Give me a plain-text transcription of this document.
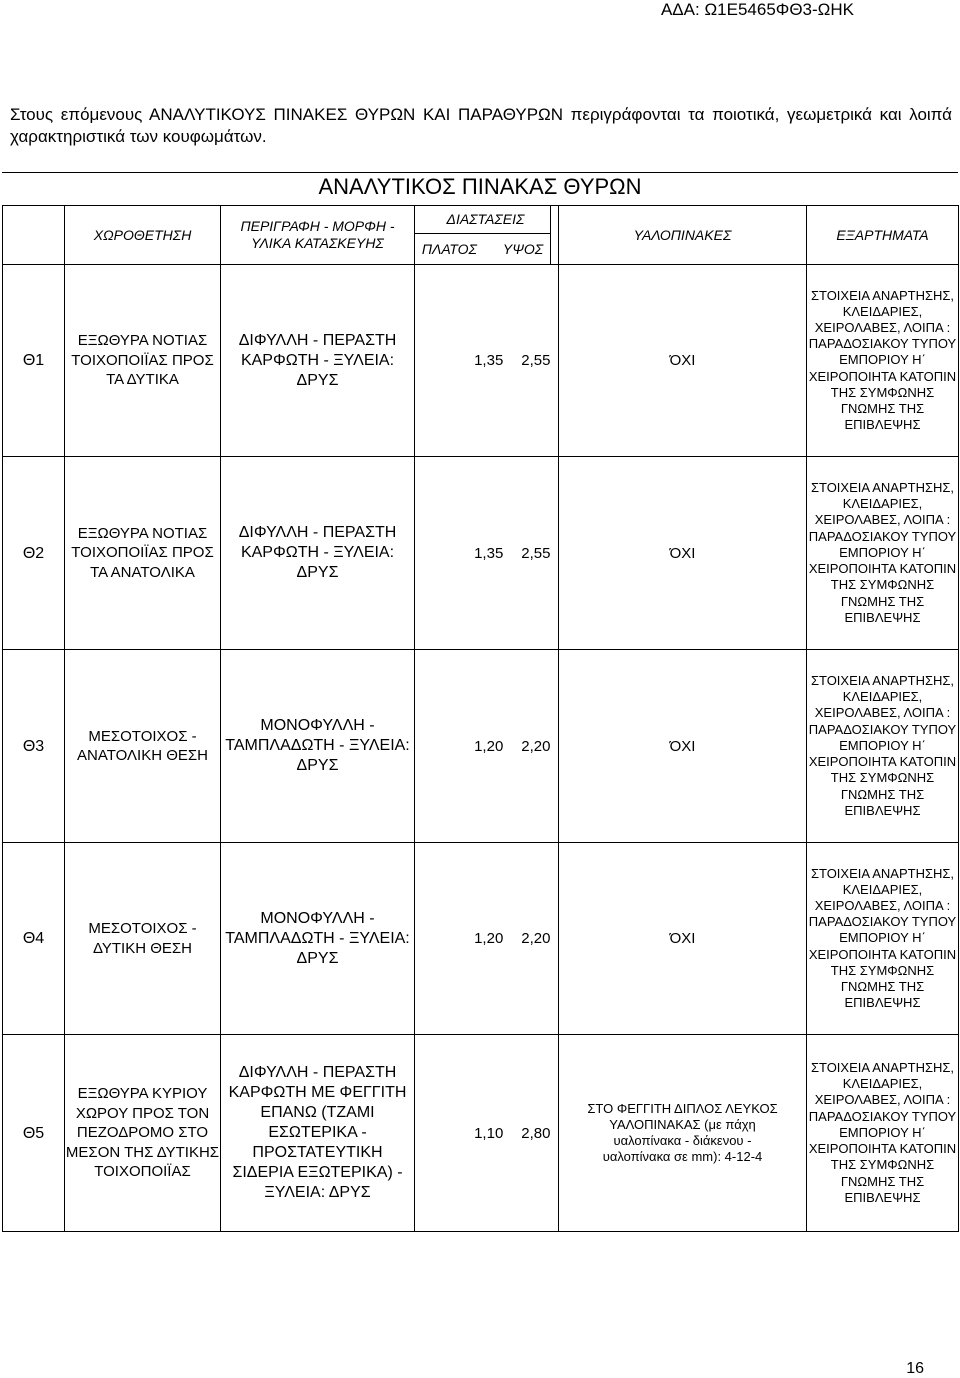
ΑΔΑ: Ω1Ε5465ΦΘ3-ΩΗΚ
Στους επόμενους ΑΝΑΛΥΤΙΚΟΥΣ ΠΙΝΑΚΕΣ ΘΥΡΩΝ ΚΑΙ ΠΑΡΑΘΥΡΩΝ περιγράφονται τα ποιοτικά, γεωμετρικά και λοιπά χαρακτηριστικά των κουφωμάτων.
ΑΝΑΛΥΤΙΚΟΣ ΠΙΝΑΚΑΣ ΘΥΡΩΝ
	ΧΩΡΟΘΕΤΗΣΗ	ΠΕΡΙΓΡΑΦΗ - ΜΟΡΦΗ - ΥΛΙΚΑ ΚΑΤΑΣΚΕΥΗΣ	ΔΙΑΣΤΑΣΕΙΣ		ΥΑΛΟΠΙΝΑΚΕΣ	ΕΞΑΡΤΗΜΑΤΑ
			ΠΛΑΤΟΣ ΥΨΟΣ			
Θ1	ΕΞΩΘΥΡΑ ΝΟΤΙΑΣ ΤΟΙΧΟΠΟΙΪΑΣ ΠΡΟΣ ΤΑ ΔΥΤΙΚΑ	ΔΙΦΥΛΛΗ - ΠΕΡΑΣΤΗ ΚΑΡΦΩΤΗ - ΞΥΛΕΙΑ: ΔΡΥΣ	1,35 2,55		ΌΧΙ	ΣΤΟΙΧΕΙΑ ΑΝΑΡΤΗΣΗΣ, ΚΛΕΙΔΑΡΙΕΣ, ΧΕΙΡΟΛΑΒΕΣ, ΛΟΙΠΑ : ΠΑΡΑΔΟΣΙΑΚΟΥ ΤΥΠΟΥ ΕΜΠΟΡΙΟΥ Η΄ ΧΕΙΡΟΠΟΙΗΤΑ ΚΑΤΟΠΙΝ ΤΗΣ ΣΥΜΦΩΝΗΣ ΓΝΩΜΗΣ ΤΗΣ ΕΠΙΒΛΕΨΗΣ
Θ2	ΕΞΩΘΥΡΑ ΝΟΤΙΑΣ ΤΟΙΧΟΠΟΙΪΑΣ ΠΡΟΣ ΤΑ ΑΝΑΤΟΛΙΚΑ	ΔΙΦΥΛΛΗ - ΠΕΡΑΣΤΗ ΚΑΡΦΩΤΗ - ΞΥΛΕΙΑ: ΔΡΥΣ	1,35 2,55		ΌΧΙ	ΣΤΟΙΧΕΙΑ ΑΝΑΡΤΗΣΗΣ, ΚΛΕΙΔΑΡΙΕΣ, ΧΕΙΡΟΛΑΒΕΣ, ΛΟΙΠΑ : ΠΑΡΑΔΟΣΙΑΚΟΥ ΤΥΠΟΥ ΕΜΠΟΡΙΟΥ Η΄ ΧΕΙΡΟΠΟΙΗΤΑ ΚΑΤΟΠΙΝ ΤΗΣ ΣΥΜΦΩΝΗΣ ΓΝΩΜΗΣ ΤΗΣ ΕΠΙΒΛΕΨΗΣ
Θ3	ΜΕΣΟΤΟΙΧΟΣ - ΑΝΑΤΟΛΙΚΗ ΘΕΣΗ	ΜΟΝΟΦΥΛΛΗ - ΤΑΜΠΛΑΔΩΤΗ - ΞΥΛΕΙΑ: ΔΡΥΣ	1,20 2,20		ΌΧΙ	ΣΤΟΙΧΕΙΑ ΑΝΑΡΤΗΣΗΣ, ΚΛΕΙΔΑΡΙΕΣ, ΧΕΙΡΟΛΑΒΕΣ, ΛΟΙΠΑ : ΠΑΡΑΔΟΣΙΑΚΟΥ ΤΥΠΟΥ ΕΜΠΟΡΙΟΥ Η΄ ΧΕΙΡΟΠΟΙΗΤΑ ΚΑΤΟΠΙΝ ΤΗΣ ΣΥΜΦΩΝΗΣ ΓΝΩΜΗΣ ΤΗΣ ΕΠΙΒΛΕΨΗΣ
Θ4	ΜΕΣΟΤΟΙΧΟΣ - ΔΥΤΙΚΗ ΘΕΣΗ	ΜΟΝΟΦΥΛΛΗ - ΤΑΜΠΛΑΔΩΤΗ - ΞΥΛΕΙΑ: ΔΡΥΣ	1,20 2,20		ΌΧΙ	ΣΤΟΙΧΕΙΑ ΑΝΑΡΤΗΣΗΣ, ΚΛΕΙΔΑΡΙΕΣ, ΧΕΙΡΟΛΑΒΕΣ, ΛΟΙΠΑ : ΠΑΡΑΔΟΣΙΑΚΟΥ ΤΥΠΟΥ ΕΜΠΟΡΙΟΥ Η΄ ΧΕΙΡΟΠΟΙΗΤΑ ΚΑΤΟΠΙΝ ΤΗΣ ΣΥΜΦΩΝΗΣ ΓΝΩΜΗΣ ΤΗΣ ΕΠΙΒΛΕΨΗΣ
Θ5	ΕΞΩΘΥΡΑ ΚΥΡΙΟΥ ΧΩΡΟΥ ΠΡΟΣ ΤΟΝ ΠΕΖΟΔΡΟΜΟ ΣΤΟ ΜΕΣΟΝ ΤΗΣ ΔΥΤΙΚΗΣ ΤΟΙΧΟΠΟΙΪΑΣ	ΔΙΦΥΛΛΗ - ΠΕΡΑΣΤΗ ΚΑΡΦΩΤΗ ΜΕ ΦΕΓΓΙΤΗ ΕΠΑΝΩ (ΤΖΑΜΙ ΕΣΩΤΕΡΙΚΑ - ΠΡΟΣΤΑΤΕΥΤΙΚΗ ΣΙΔΕΡΙΑ ΕΞΩΤΕΡΙΚΑ) - ΞΥΛΕΙΑ: ΔΡΥΣ	1,10 2,80		ΣΤΟ ΦΕΓΓΙΤΗ ΔΙΠΛΟΣ ΛΕΥΚΟΣ ΥΑΛΟΠΙΝΑΚΑΣ (με πάχη υαλοπίνακα - διάκενου - υαλοπίνακα σε mm): 4-12-4	ΣΤΟΙΧΕΙΑ ΑΝΑΡΤΗΣΗΣ, ΚΛΕΙΔΑΡΙΕΣ, ΧΕΙΡΟΛΑΒΕΣ, ΛΟΙΠΑ : ΠΑΡΑΔΟΣΙΑΚΟΥ ΤΥΠΟΥ ΕΜΠΟΡΙΟΥ Η΄ ΧΕΙΡΟΠΟΙΗΤΑ ΚΑΤΟΠΙΝ ΤΗΣ ΣΥΜΦΩΝΗΣ ΓΝΩΜΗΣ ΤΗΣ ΕΠΙΒΛΕΨΗΣ
16
